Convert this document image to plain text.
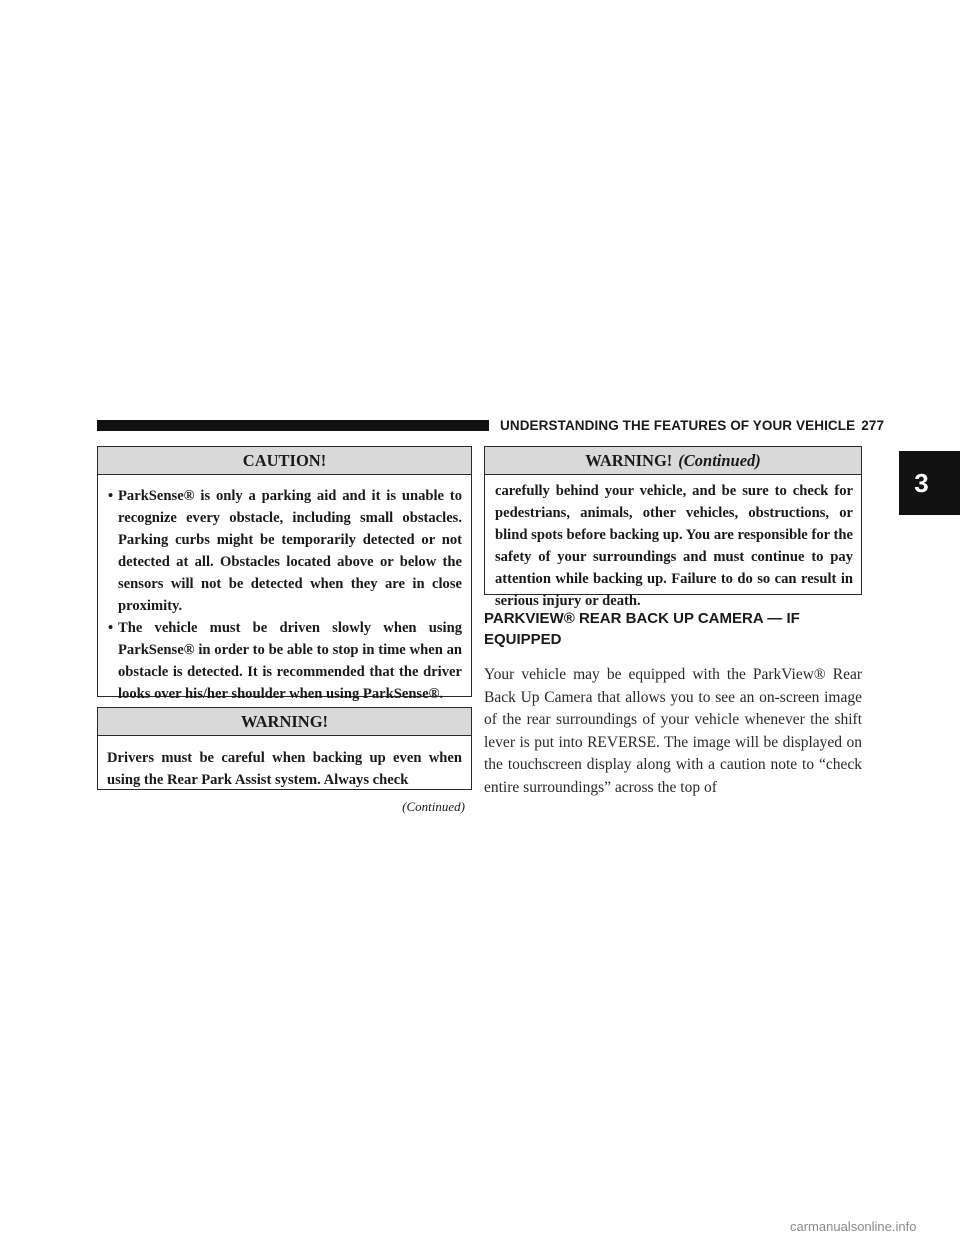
UNDERSTANDING THE FEATURES OF YOUR VEHICLE 277
CAUTION!
• ParkSense® is only a parking aid and it is unable to recognize every obstacle, including small obstacles. Parking curbs might be temporarily detected or not detected at all. Obstacles located above or below the sensors will not be detected when they are in close proximity.
• The vehicle must be driven slowly when using ParkSense® in order to be able to stop in time when an obstacle is detected. It is recommended that the driver looks over his/her shoulder when using ParkSense®.
WARNING!
Drivers must be careful when backing up even when using the Rear Park Assist system. Always check
(Continued)
WARNING! (Continued)
carefully behind your vehicle, and be sure to check for pedestrians, animals, other vehicles, obstructions, or blind spots before backing up. You are responsible for the safety of your surroundings and must continue to pay attention while backing up. Failure to do so can result in serious injury or death.
PARKVIEW® REAR BACK UP CAMERA — IF EQUIPPED
Your vehicle may be equipped with the ParkView® Rear Back Up Camera that allows you to see an on-screen image of the rear surroundings of your vehicle whenever the shift lever is put into REVERSE. The image will be displayed on the touchscreen display along with a caution note to “check entire surroundings” across the top of
3
carmanualsonline.info
